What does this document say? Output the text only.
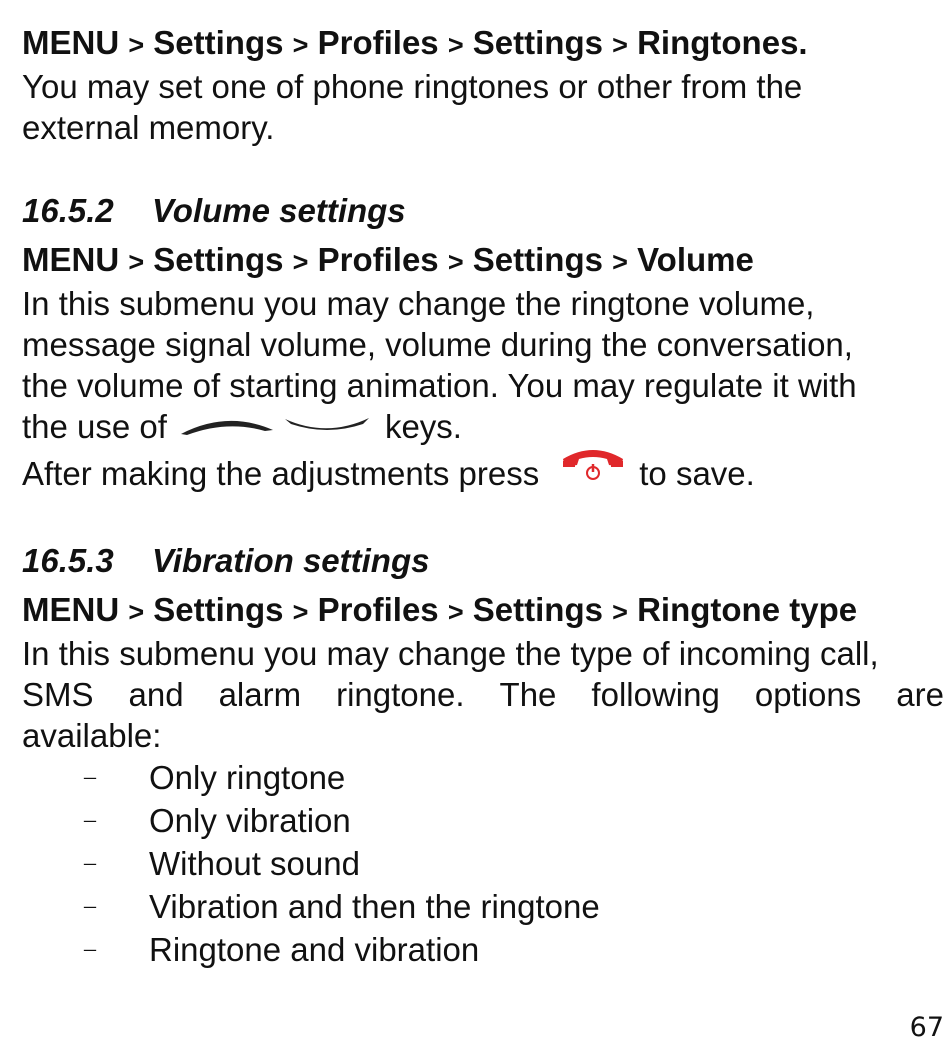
MENU > Settings > Profiles > Settings > Ringtones.
You may set one of phone ringtones or other from the
external memory.
16.5.2 Volume settings
MENU > Settings > Profiles > Settings > Volume
In this submenu you may change the ringtone volume,
message signal volume, volume during the conversation,
the volume of starting animation. You may regulate it with
the use of	keys.
After making the adjustments press	to save.
16.5.3 Vibration settings
MENU > Settings > Profiles > Settings > Ringtone type
In this submenu you may change the type of incoming call,
SMS and alarm ringtone. The following options are
available:
–	Only ringtone
–	Only vibration
–	Without sound
–	Vibration and then the ringtone
–	Ringtone and vibration
67
